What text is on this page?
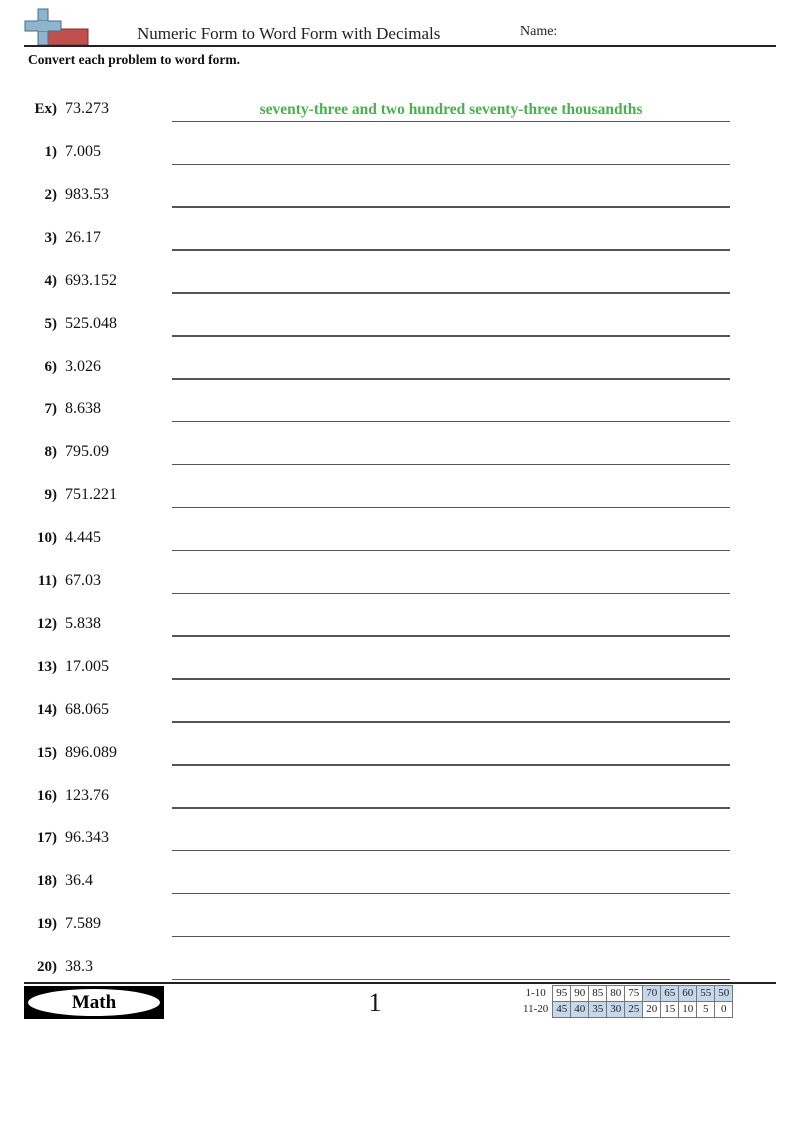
Numeric Form to Word Form with Decimals	Name:
Convert each problem to word form.
Ex) 73.273	seventy-three and two hundred seventy-three thousandths
1) 7.005
2) 983.53
3) 26.17
4) 693.152
5) 525.048
6) 3.026
7) 8.638
8) 795.09
9) 751.221
10) 4.445
11) 67.03
12) 5.838
13) 17.005
14) 68.065
15) 896.089
16) 123.76
17) 96.343
18) 36.4
19) 7.589
20) 38.3
Math	1	1-10	95	90	85	80	75	70	65	60	55	50
11-20	45	40	35	30	25	20	15	10	5	0
